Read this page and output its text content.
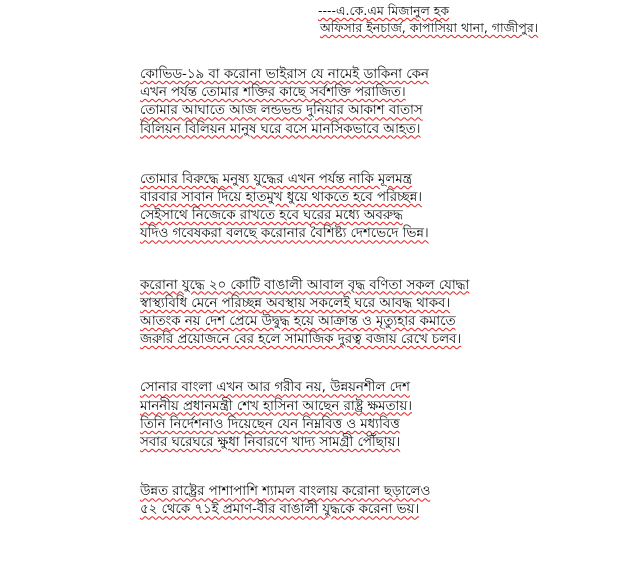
----এ.কে.এম মিজানুল হক
অফিসার ইনচার্জ, কাপাসিয়া থানা, গাজীপুর।
কোভিড-১৯ বা করোনা ভাইরাস যে নামেই ডাকিনা কেন
এখন পর্যন্ত তোমার শক্তির কাছে সর্বশক্তি পরাজিত।
তোমার আঘাতে আজ লন্ডভন্ড দুনিয়ার আকাশ বাতাস
বিলিয়ন বিলিয়ন মানুষ ঘরে বসে মানসিকভাবে আহত।
তোমার বিরুদ্ধে মনুষ্য যুদ্ধের এখন পর্যন্ত নাকি মূলমন্ত্র
বারবার সাবান দিয়ে হাতমুখ ধুয়ে থাকতে হবে পরিচ্ছন্ন।
সেইসাথে নিজেকে রাখতে হবে ঘরের মধ্যে অবরুদ্ধ
যদিও গবেষকরা বলছে করোনার বৈশিষ্ট্য দেশভেদে ভিন্ন।
করোনা যুদ্ধে ২০ কোটি বাঙালী আবাল বৃদ্ধ বণিতা সকল যোদ্ধা
স্বাস্থ্যবিধি মেনে পরিচ্ছন্ন অবস্থায় সকলেই ঘরে আবদ্ধ থাকব।
আতংক নয় দেশ প্রেমে উদ্বুদ্ধ হয়ে আক্রান্ত ও মৃত্যুহার কমাতে
জরুরি প্রয়োজনে বের হলে সামাজিক দুরত্ব বজায় রেখে চলব।
সোনার বাংলা এখন আর গরীব নয়, উন্নয়নশীল দেশ
মাননীয় প্রধানমন্ত্রী শেখ হাসিনা আছেন রাষ্ট্র ক্ষমতায়।
তিনি নির্দেশনাও দিয়েছেন যেন নিম্নবিত্ত ও মধ্যবিত্ত
সবার ঘরেঘরে ক্ষুধা নিবারণে খাদ্য সামগ্রী পৌঁছায়।
উন্নত রাষ্ট্রের পাশাপাশি শ্যামল বাংলায় করোনা ছড়ালেও
৫২ থেকে ৭১ই প্রমাণ-বীর বাঙালী যুদ্ধকে করেনা ভয়।
